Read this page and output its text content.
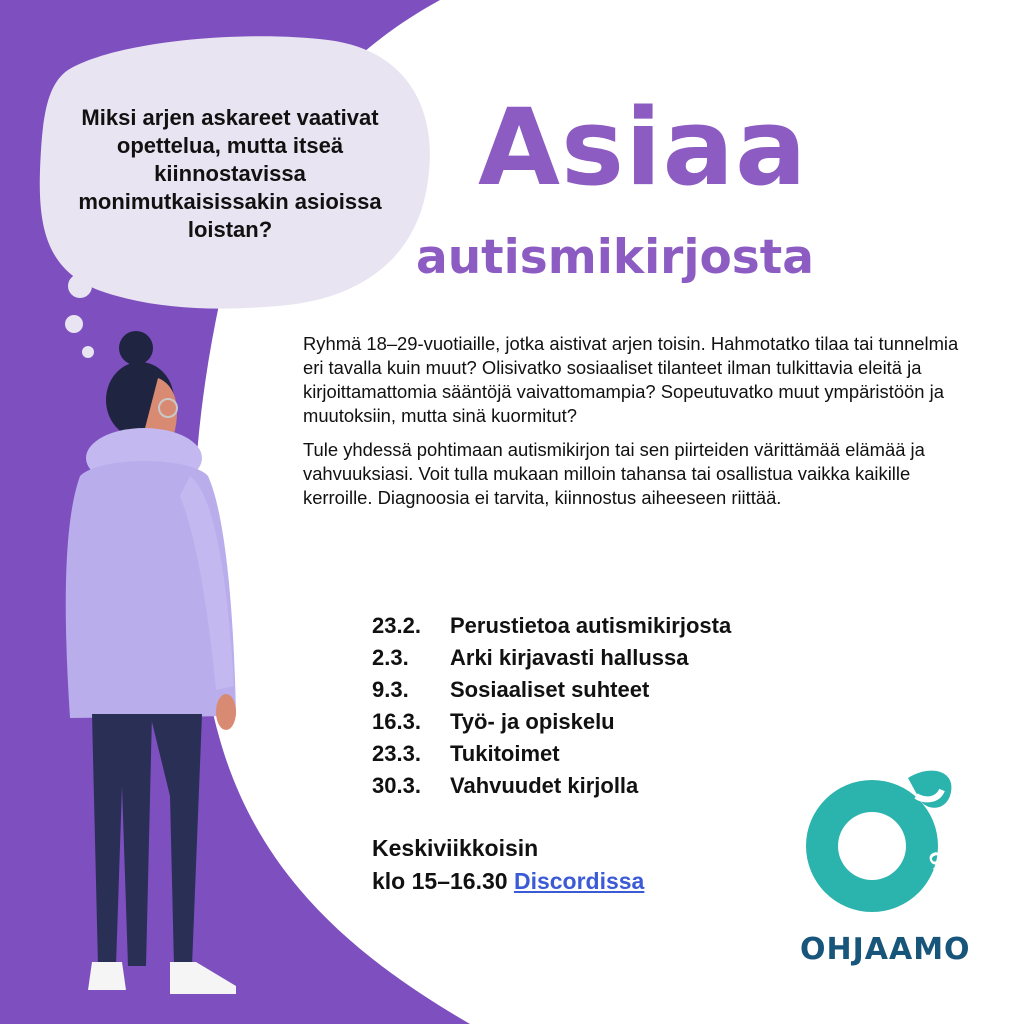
Miksi arjen askareet vaativat opettelua, mutta itseä kiinnostavissa monimutkaisissakin asioissa loistan?
Asiaa
autismikirjosta

Ryhmä 18–29-vuotiaille, jotka aistivat arjen toisin. Hahmotatko tilaa tai tunnelmia eri tavalla kuin muut? Olisivatko sosiaaliset tilanteet ilman tulkittavia eleitä ja kirjoittamattomia sääntöjä vaivattomampia? Sopeutuvatko muut ympäristöön ja muutoksiin, mutta sinä kuormitut?

Tule yhdessä pohtimaan autismikirjon tai sen piirteiden värittämää elämää ja vahvuuksiasi. Voit tulla mukaan milloin tahansa tai osallistua vaikka kaikille kerroille. Diagnoosia ei tarvita, kiinnostus aiheeseen riittää.

23.2.	Perustietoa autismikirjosta
2.3.	Arki kirjavasti hallussa
9.3.	Sosiaaliset suhteet
16.3.	Työ- ja opiskelu
23.3.	Tukitoimet
30.3.	Vahvuudet kirjolla
Keskiviikkoisin
klo 15–16.30 Discordissa	ONNI
OHJAAMO
